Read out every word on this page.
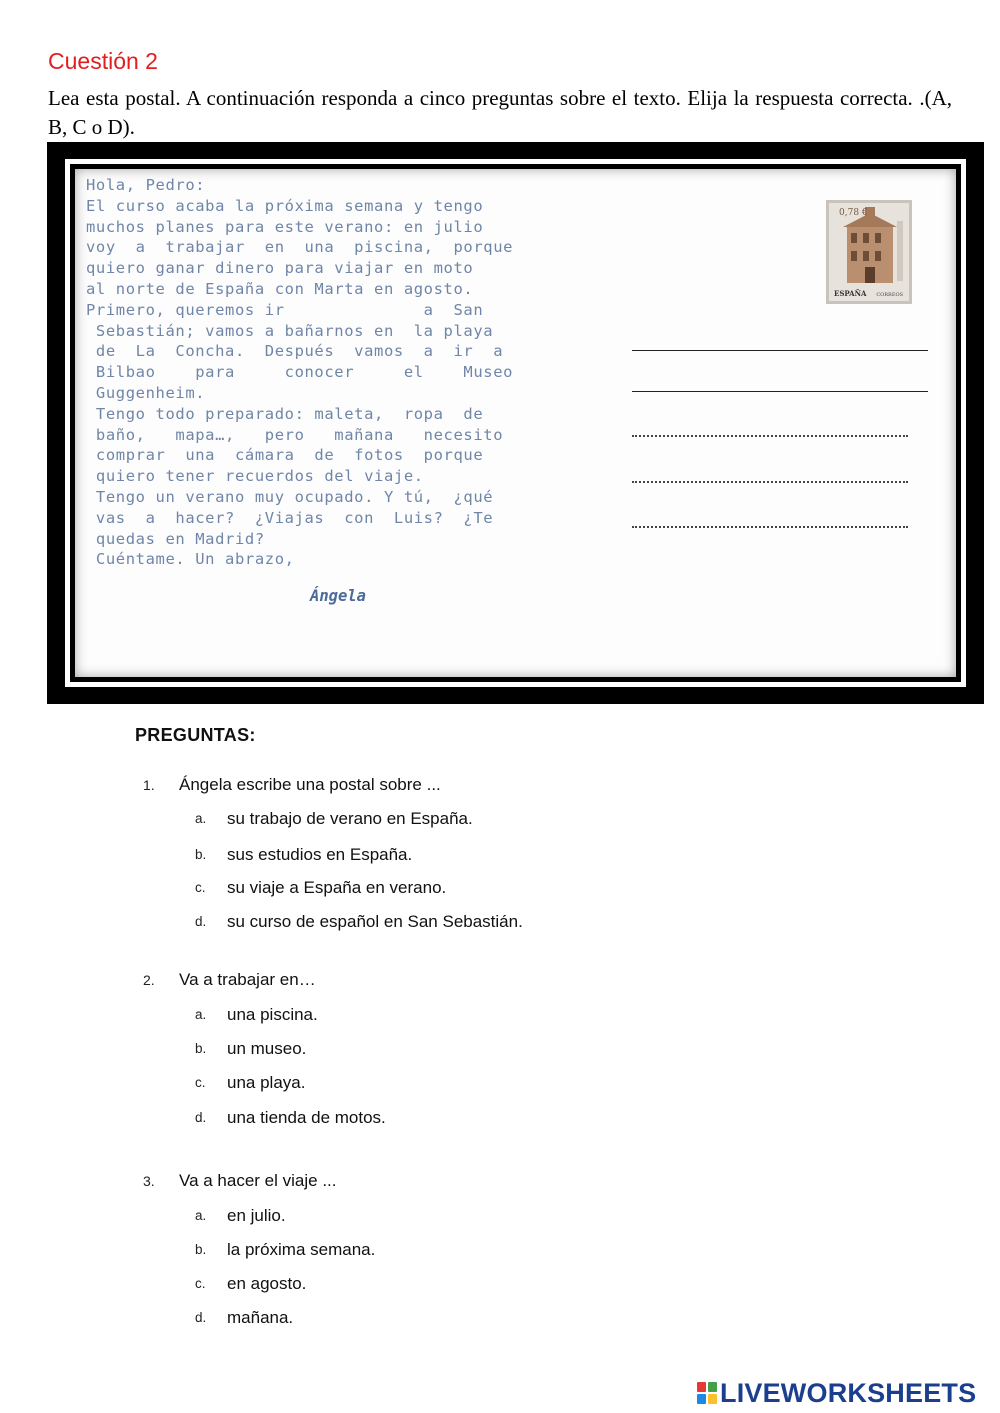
Cuestión 2
Lea esta postal. A continuación responda a cinco preguntas sobre el texto. Elija la respuesta correcta. .(A, B, C o D).
Hola, Pedro:
El curso acaba la próxima semana y tengo
muchos planes para este verano: en julio
voy  a  trabajar  en  una  piscina,  porque
quiero ganar dinero para viajar en moto
al norte de España con Marta en agosto.
Primero, queremos ir              a  San
Sebastián; vamos a bañarnos en  la playa
de  La  Concha.  Después  vamos  a  ir  a
Bilbao    para     conocer     el    Museo
Guggenheim.
Tengo todo preparado: maleta,  ropa  de
baño,   mapa…,   pero   mañana   necesito
comprar  una  cámara  de  fotos  porque
quiero tener recuerdos del viaje.
Tengo un verano muy ocupado. Y tú,  ¿qué
vas  a  hacer?  ¿Viajas  con  Luis?  ¿Te
quedas en Madrid?
Cuéntame. Un abrazo,
Ángela
0,78 €
ESPAÑA CORREOS
PREGUNTAS:
1. Ángela escribe una postal sobre ...
a. su trabajo de verano en España.
b. sus estudios en España.
c. su viaje a España en verano.
d. su curso de español en San Sebastián.
2. Va a trabajar en…
a. una piscina.
b. un museo.
c. una playa.
d. una tienda de motos.
3. Va a hacer el viaje ...
a. en julio.
b. la próxima semana.
c. en agosto.
d. mañana.
LIVEWORKSHEETS
